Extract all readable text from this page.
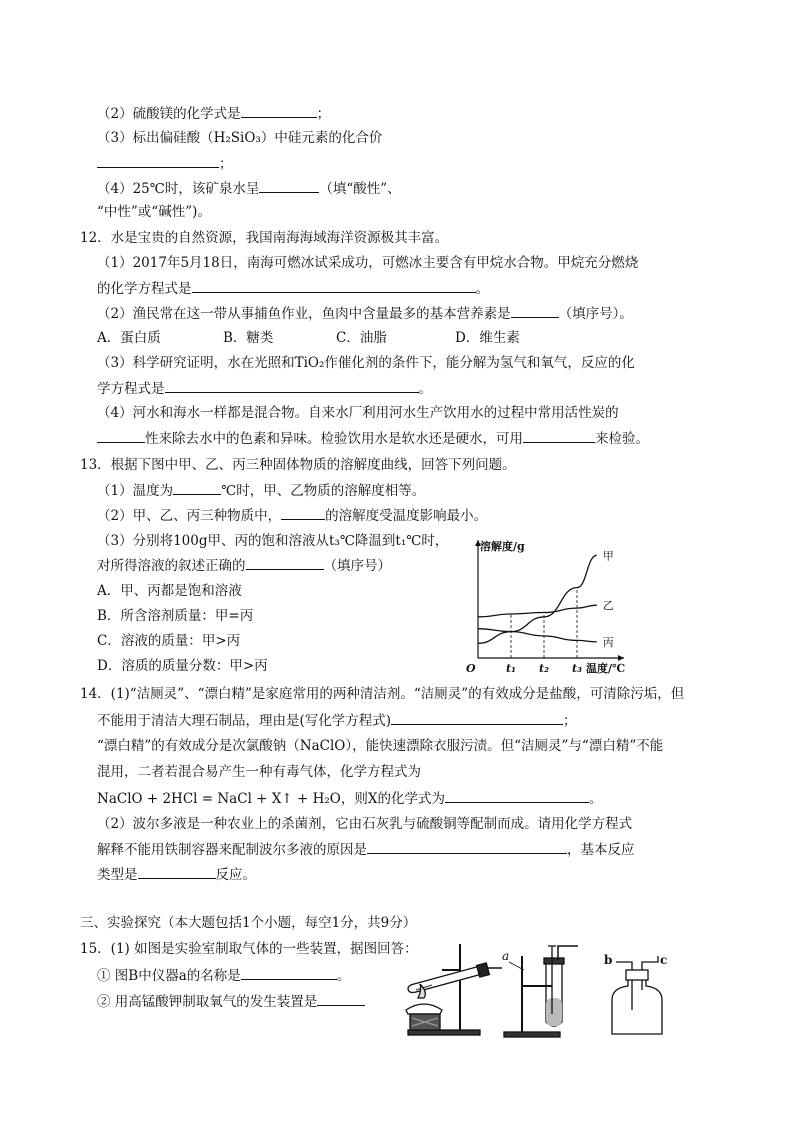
（2）硫酸镁的化学式是	；
（3）标出偏硅酸（H₂SiO₃）中硅元素的化合价
；
（4）25℃时，该矿泉水呈	（填“酸性”、
“中性”或“碱性”)。
12．水是宝贵的自然资源，我国南海海域海洋资源极其丰富。
（1）2017年5月18日，南海可燃冰试采成功，可燃冰主要含有甲烷水合物。甲烷充分燃烧
的化学方程式是	。
（2）渔民常在这一带从事捕鱼作业，鱼肉中含量最多的基本营养素是	（填序号）。
A．蛋白质	B．糖类	C．油脂	D．维生素
（3）科学研究证明，水在光照和TiO₂作催化剂的条件下，能分解为氢气和氧气，反应的化
学方程式是	。
（4）河水和海水一样都是混合物。自来水厂利用河水生产饮用水的过程中常用活性炭的
性来除去水中的色素和异味。检验饮用水是软水还是硬水，可用	来检验。
13．根据下图中甲、乙、丙三种固体物质的溶解度曲线，回答下列问题。
（1）温度为	℃时，甲、乙物质的溶解度相等。
（2）甲、乙、丙三种物质中，	的溶解度受温度影响最小。
（3）分别将100g甲、丙的饱和溶液从t₃℃降温到t₁℃时，
对所得溶液的叙述正确的	（填序号）
A．甲、丙都是饱和溶液
B．所含溶剂质量：甲=丙
C．溶液的质量：甲>丙
D．溶质的质量分数：甲>丙
溶解度/g
温度/℃
O	t₁ t₂ t₃
甲
乙
丙
14．(1)“洁厕灵”、“漂白精”是家庭常用的两种清洁剂。“洁厕灵”的有效成分是盐酸，可清除污垢，但
不能用于清洁大理石制品，理由是(写化学方程式)	；
“漂白精”的有效成分是次氯酸钠（NaClO），能快速漂除衣服污渍。但“洁厕灵”与“漂白精”不能
混用，二者若混合易产生一种有毒气体，化学方程式为
NaClO + 2HCl = NaCl + X↑ + H₂O，则X的化学式为	。
（2）波尔多液是一种农业上的杀菌剂，它由石灰乳与硫酸铜等配制而成。请用化学方程式
解释不能用铁制容器来配制波尔多液的原因是	，基本反应
类型是	反应。
三、实验探究（本大题包括1个小题，每空1分，共9分）
15．(1) 如图是实验室制取气体的一些装置，据图回答：
① 图B中仪器a的名称是	。
② 用高锰酸钾制取氧气的发生装置是
a	b	c
